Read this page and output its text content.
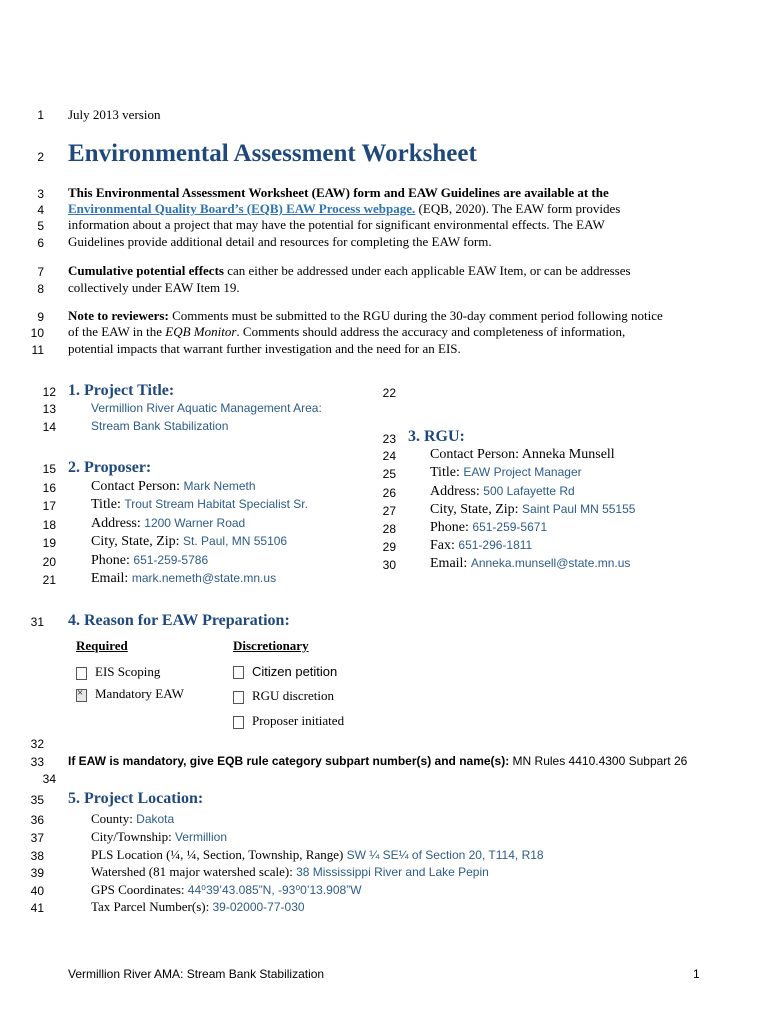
1
2
3
4
5
6
7
8
9
10
11
12
13
14
15
16
17
18
19
20
21
22
23
24
25
26
27
28
29
30
31
32
33
34
35
36
37
38
39
40
41
July 2013 version
Environmental Assessment Worksheet
This Environmental Assessment Worksheet (EAW) form and EAW Guidelines are available at the
Environmental Quality Board’s (EQB) EAW Process webpage. (EQB, 2020). The EAW form provides
information about a project that may have the potential for significant environmental effects. The EAW
Guidelines provide additional detail and resources for completing the EAW form.
Cumulative potential effects can either be addressed under each applicable EAW Item, or can be addresses
collectively under EAW Item 19.
Note to reviewers: Comments must be submitted to the RGU during the 30-day comment period following notice
of the EAW in the EQB Monitor. Comments should address the accuracy and completeness of information,
potential impacts that warrant further investigation and the need for an EIS.
1. Project Title:
Vermillion River Aquatic Management Area:
Stream Bank Stabilization
2. Proposer:
Contact Person: Mark Nemeth
Title: Trout Stream Habitat Specialist Sr.
Address: 1200 Warner Road
City, State, Zip: St. Paul, MN 55106
Phone: 651-259-5786
Email: mark.nemeth@state.mn.us
3. RGU:
Contact Person: Anneka Munsell
Title: EAW Project Manager
Address: 500 Lafayette Rd
City, State, Zip: Saint Paul MN 55155
Phone: 651-259-5671
Fax: 651-296-1811
Email: Anneka.munsell@state.mn.us
4. Reason for EAW Preparation:
Required	Discretionary
EIS Scoping
×Mandatory EAW
Citizen petition
RGU discretion
Proposer initiated
If EAW is mandatory, give EQB rule category subpart number(s) and name(s): MN Rules 4410.4300 Subpart 26
5. Project Location:
County: Dakota
City/Township: Vermillion
PLS Location (¼, ¼, Section, Township, Range) SW ¼ SE¼ of Section 20, T114, R18
Watershed (81 major watershed scale): 38 Mississippi River and Lake Pepin
GPS Coordinates: 44⁰39’43.085”N, -93⁰0’13.908”W
Tax Parcel Number(s): 39-02000-77-030
Vermillion River AMA: Stream Bank Stabilization	1
